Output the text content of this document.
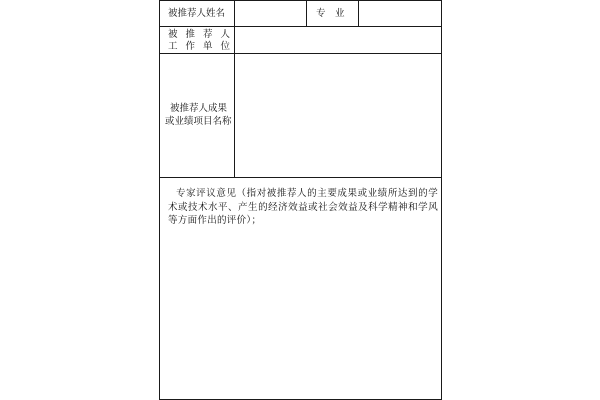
被推荐人姓名	专　业
被推荐人
工作单位
被推荐人成果
或业绩项目名称
专家评议意见（指对被推荐人的主要成果或业绩所达到的学术或技术水平、产生的经济效益或社会效益及科学精神和学风等方面作出的评价）；
